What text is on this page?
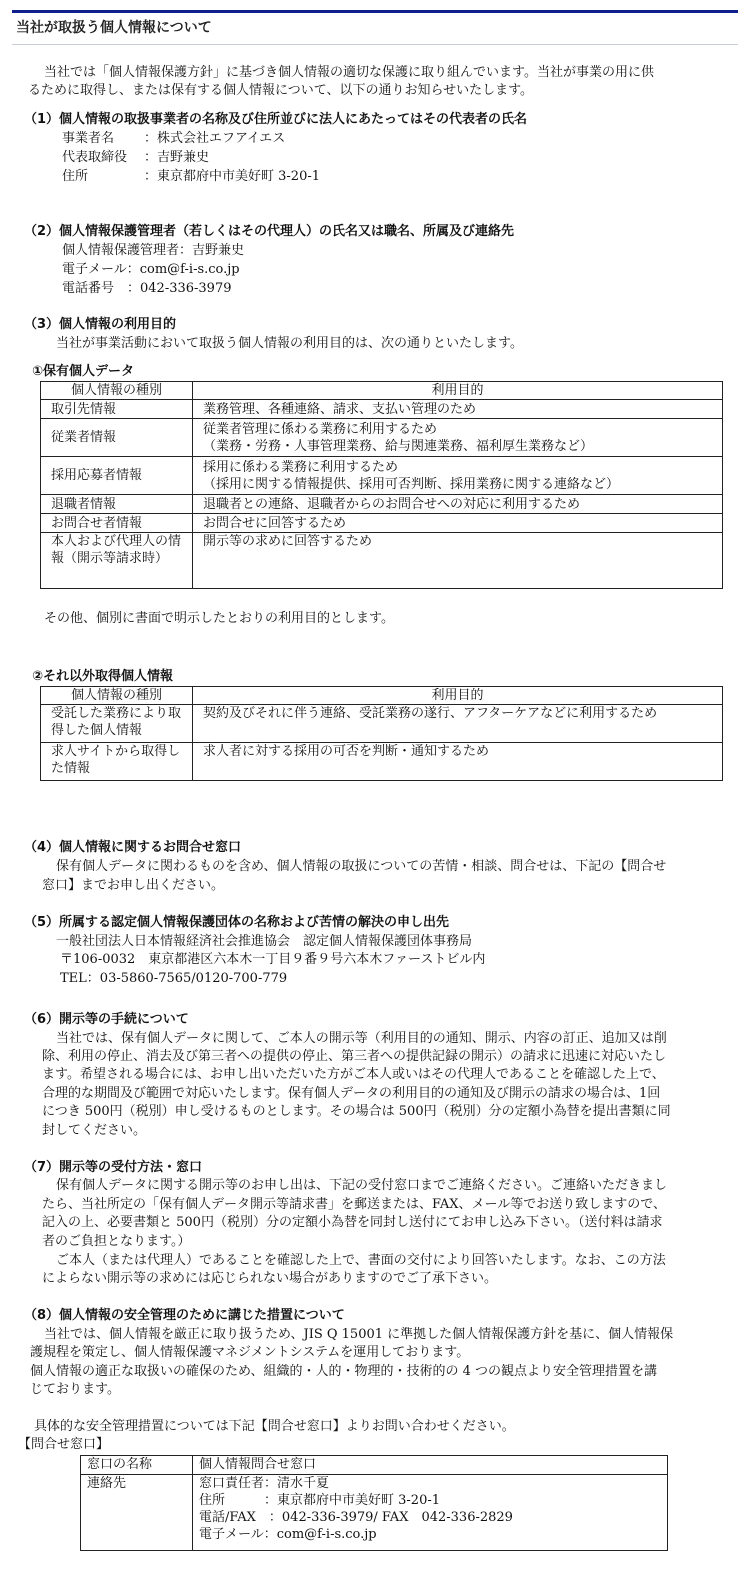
当社が取扱う個人情報について
当社では「個人情報保護方針」に基づき個人情報の適切な保護に取り組んでいます。当社が事業の用に供
るために取得し、または保有する個人情報について、以下の通りお知らせいたします。
（1）個人情報の取扱事業者の名称及び住所並びに法人にあたってはその代表者の氏名
事業者名 ：株式会社エフアイエス
代表取締役 ：吉野兼史
住所	：東京都府中市美好町 3-20-1
（2）個人情報保護管理者（若しくはその代理人）の氏名又は職名、所属及び連絡先
個人情報保護管理者：吉野兼史
電子メール：com@f-i-s.co.jp
電話番号　：042-336-3979
（3）個人情報の利用目的
当社が事業活動において取扱う個人情報の利用目的は、次の通りといたします。
①保有個人データ
個人情報の種別	利用目的
取引先情報	業務管理、各種連絡、請求、支払い管理のため
従業者情報	従業者管理に係わる業務に利用するため
（業務・労務・人事管理業務、給与関連業務、福利厚生業務など）
採用応募者情報	採用に係わる業務に利用するため
（採用に関する情報提供、採用可否判断、採用業務に関する連絡など）
退職者情報	退職者との連絡、退職者からのお問合せへの対応に利用するため
お問合せ者情報	お問合せに回答するため
本人および代理人の情報（開示等請求時）	開示等の求めに回答するため
その他、個別に書面で明示したとおりの利用目的とします。
②それ以外取得個人情報
個人情報の種別	利用目的
受託した業務により取得した個人情報	契約及びそれに伴う連絡、受託業務の遂行、アフターケアなどに利用するため
求人サイトから取得した情報	求人者に対する採用の可否を判断・通知するため
（4）個人情報に関するお問合せ窓口
保有個人データに関わるものを含め、個人情報の取扱についての苦情・相談、問合せは、下記の【問合せ
窓口】までお申し出ください。
（5）所属する認定個人情報保護団体の名称および苦情の解決の申し出先
一般社団法人日本情報経済社会推進協会　認定個人情報保護団体事務局
〒106-0032　東京都港区六本木一丁目９番９号六本木ファーストビル内
TEL：03-5860-7565/0120-700-779
（6）開示等の手続について
当社では、保有個人データに関して、ご本人の開示等（利用目的の通知、開示、内容の訂正、追加又は削
除、利用の停止、消去及び第三者への提供の停止、第三者への提供記録の開示）の請求に迅速に対応いたし
ます。希望される場合には、お申し出いただいた方がご本人或いはその代理人であることを確認した上で、
合理的な期間及び範囲で対応いたします。保有個人データの利用目的の通知及び開示の請求の場合は、1回
につき 500円（税別）申し受けるものとします。その場合は 500円（税別）分の定額小為替を提出書類に同
封してください。
（7）開示等の受付方法・窓口
保有個人データに関する開示等のお申し出は、下記の受付窓口までご連絡ください。ご連絡いただきまし
たら、当社所定の「保有個人データ開示等請求書」を郵送または、FAX、メール等でお送り致しますので、
記入の上、必要書類と 500円（税別）分の定額小為替を同封し送付にてお申し込み下さい。（送付料は請求
者のご負担となります。）
ご本人（または代理人）であることを確認した上で、書面の交付により回答いたします。なお、この方法
によらない開示等の求めには応じられない場合がありますのでご了承下さい。
（8）個人情報の安全管理のために講じた措置について
当社では、個人情報を厳正に取り扱うため、JIS Q 15001 に準拠した個人情報保護方針を基に、個人情報保
護規程を策定し、個人情報保護マネジメントシステムを運用しております。
個人情報の適正な取扱いの確保のため、組織的・人的・物理的・技術的の 4 つの観点より安全管理措置を講
じております。
具体的な安全管理措置については下記【問合せ窓口】よりお問い合わせください。
【問合せ窓口】
窓口の名称	個人情報問合せ窓口
連絡先	窓口責任者：清水千夏
住所　　　：東京都府中市美好町 3-20-1
電話/FAX　：042-336-3979/ FAX　042-336-2829
電子メール：com@f-i-s.co.jp
